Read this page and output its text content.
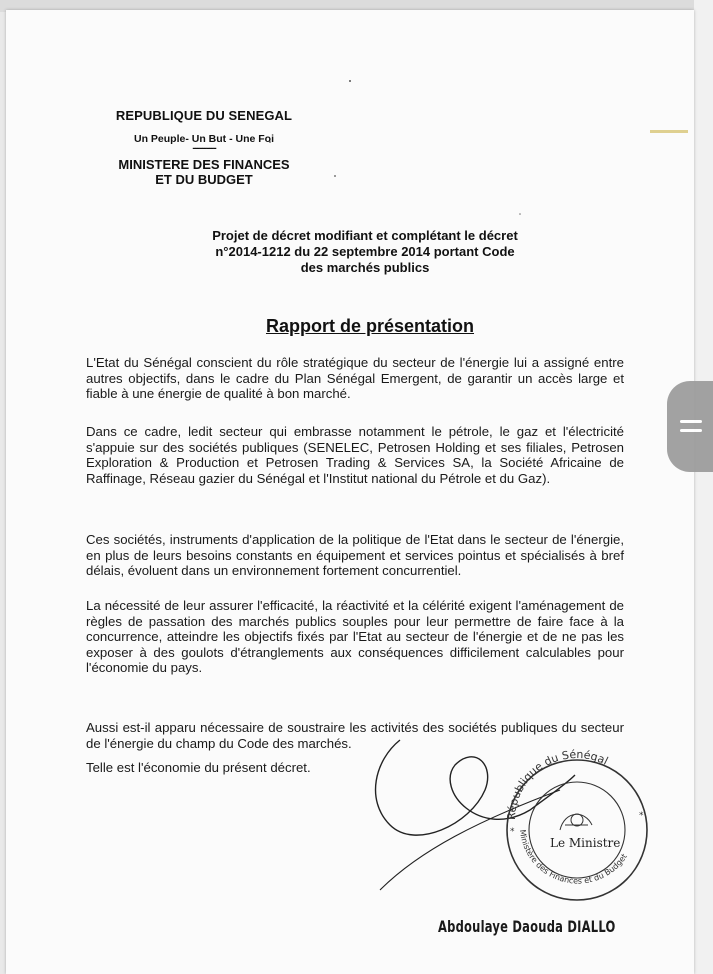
REPUBLIQUE DU SENEGAL
Un Peuple- Un But - Une Foi
----------
MINISTERE DES FINANCES
ET DU BUDGET
Projet de décret modifiant et complétant le décret
n°2014-1212 du 22 septembre 2014 portant Code
des marchés publics
Rapport de présentation
L'Etat du Sénégal conscient du rôle stratégique du secteur de l'énergie lui a assigné entre autres objectifs, dans le cadre du Plan Sénégal Emergent, de garantir un accès large et fiable à une énergie de qualité à bon marché.
Dans ce cadre, ledit secteur qui embrasse notamment le pétrole, le gaz et l'électricité s'appuie sur des sociétés publiques (SENELEC, Petrosen Holding et ses filiales, Petrosen Exploration & Production et Petrosen Trading & Services SA, la Société Africaine de Raffinage, Réseau gazier du Sénégal et l'Institut national du Pétrole et du Gaz).
Ces sociétés, instruments d'application de la politique de l'Etat dans le secteur de l'énergie, en plus de leurs besoins constants en équipement et services pointus et spécialisés à bref délais, évoluent dans un environnement fortement concurrentiel.
La nécessité de leur assurer l'efficacité, la réactivité et la célérité exigent l'aménagement de règles de passation des marchés publics souples pour leur permettre de faire face à la concurrence, atteindre les objectifs fixés par l'Etat au secteur de l'énergie et de ne pas les exposer à des goulots d'étranglements aux conséquences difficilement calculables pour l'économie du pays.
Aussi est-il apparu nécessaire de soustraire les activités des sociétés publiques du secteur de l'énergie du champ du Code des marchés.
Telle est l'économie du présent décret.
République du Sénégal
Ministère des Finances et du Budget
Le Ministre
*
*
Abdoulaye Daouda DIALLO
